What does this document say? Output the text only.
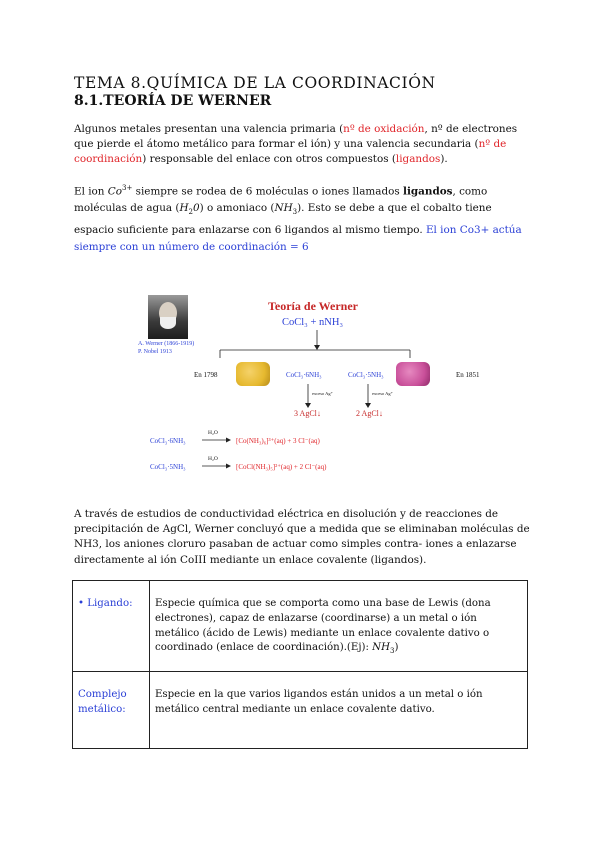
TEMA 8.QUÍMICA DE LA COORDINACIÓN
8.1.TEORÍA DE WERNER
Algunos metales presentan una valencia primaria (nº de oxidación, nº de electrones que pierde el átomo metálico para formar el ión) y una valencia secundaria (nº de coordinación) responsable del enlace con otros compuestos (ligandos).
El ion $Co^{3+}$ siempre se rodea de 6 moléculas o iones llamados ligandos, como moléculas de agua $(H_20)$ o amoniaco $(NH_3)$. Esto se debe a que el cobalto tiene espacio suficiente para enlazarse con 6 ligandos al mismo tiempo. El ion Co3+ actúa siempre con un número de coordinación = 6
A. Werner (1866-1919)
P. Nobel 1913
Teoría de Werner
CoCl₃ + nNH₃
En 1798	CoCl₃·6NH₃	CoCl₃·5NH₃	En 1851
exceso Ag⁺	exceso Ag⁺
3 AgCl↓	2 AgCl↓
CoCl₃·6NH₃
H₂O
[Co(NH₃)₆]³⁺(aq) + 3 Cl⁻(aq)
CoCl₃·5NH₃
H₂O
[CoCl(NH₃)₅]²⁺(aq) + 2 Cl⁻(aq)
A través de estudios de conductividad eléctrica en disolución y de reacciones de precipitación de AgCl, Werner concluyó que a medida que se eliminaban moléculas de NH3, los aniones cloruro pasaban de actuar como simples contra- iones a enlazarse directamente al ión CoIII mediante un enlace covalente (ligandos).
• Ligando:	Especie química que se comporta como una base de Lewis (dona electrones), capaz de enlazarse (coordinarse) a un metal o ión metálico (ácido de Lewis) mediante un enlace covalente dativo o coordinado (enlace de coordinación).(Ej): $NH_3$)
Complejo metálico:	Especie en la que varios ligandos están unidos a un metal o ión metálico central mediante un enlace covalente dativo.
